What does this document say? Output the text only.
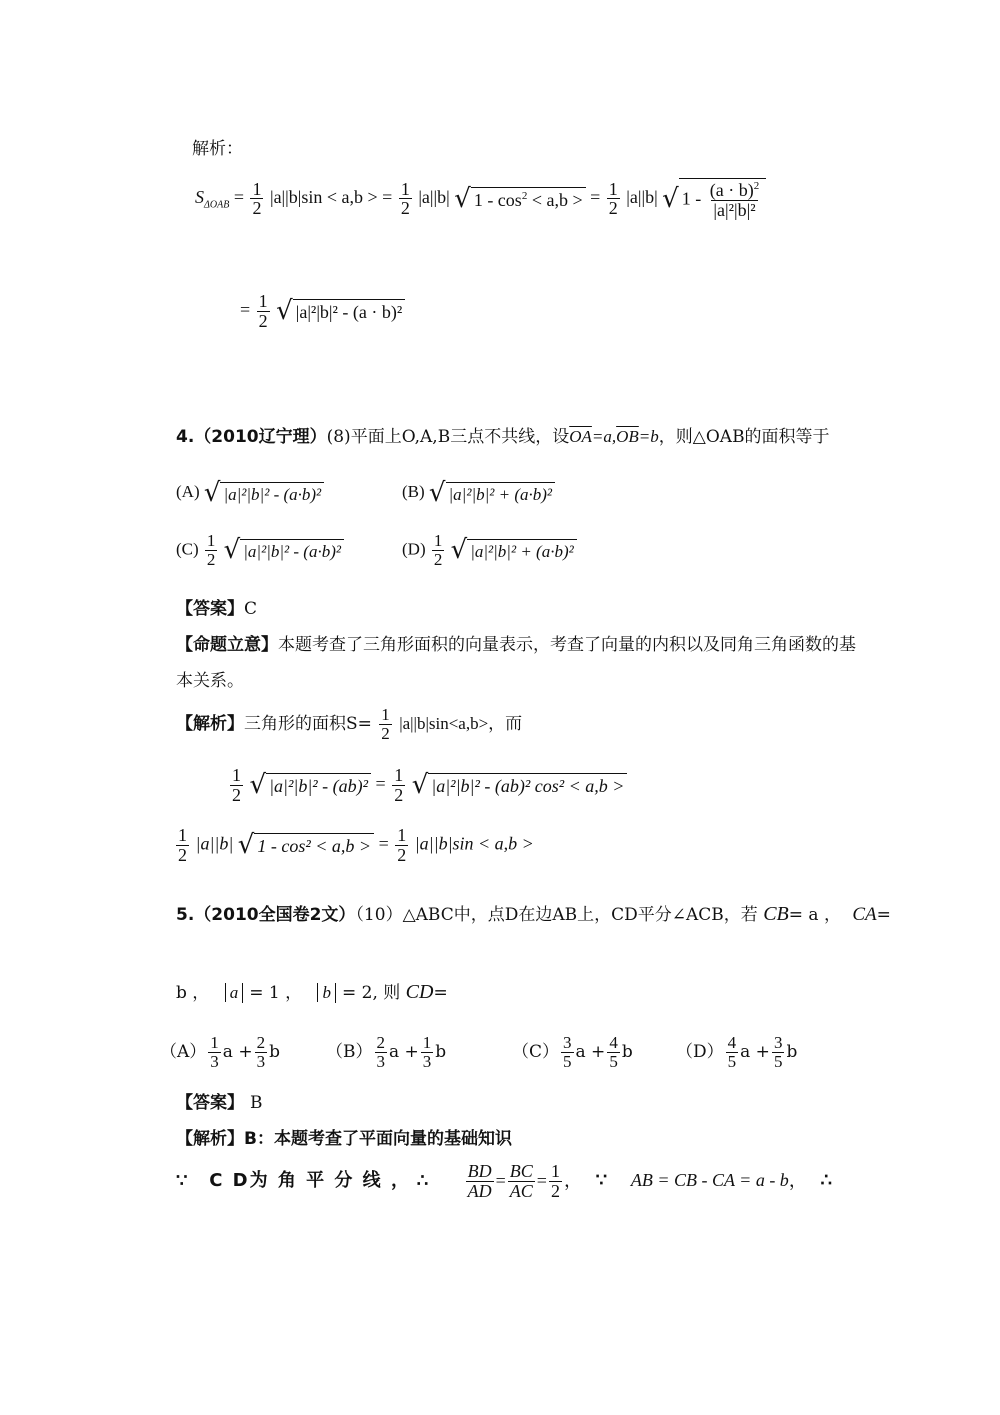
解析：
$S_{\Delta OAB} = \frac{1}{2} |a||b|\sin < a,b$ > = $\frac{1}{2} |a||b|$ √ $1 - \cos^2 < a,b$ > = $\frac{1}{2} |a||b|$ √ $1 - \frac{(a \cdot b)^2}{\text{|a|²|b|²}}$
= $\frac{1}{2}$ √ |a|²|b|² - (a · b)²
4.（2010辽宁理）(8)平面上O,A,B三点不共线，设$\overline{OA}=a,\overline{OB}=b$，则△OAB的面积等于
(A) √ |a|²|b|² - (a·b)²	(B) √ |a|²|b|² + (a·b)²
$(C) \frac{1}{2}$ √ |a|²|b|² - (a·b)²	$(D) \frac{1}{2}$ √ |a|²|b|² + (a·b)²
【答案】C
【命题立意】本题考查了三角形面积的向量表示，考查了向量的内积以及同角三角函数的基
本关系。
【解析】三角形的面积$S= \frac{1}{2} |a||b|\sin<a,b>$，而
$\frac{1}{2}$ √ $|a|^2|b|^2 - (ab)^2 = \frac{1}{2}$ √ |a|²|b|² - (ab)² cos² < a,b >
$\frac{1}{2} |a||b|$ √ 1 - cos² < a,b > = $\frac{1}{2} |a||b|\sin < a,b$ >
5.（2010全国卷2文）（10）△ABC中，点D在边AB上，CD平分∠ACB，若 CB= a ， CA=
b ， a = 1 ， b = 2, 则 CD=
$(A) \frac{1}{3}$ $a + \frac{2}{3}$ b	$(B) \frac{2}{3}$ $a + \frac{1}{3}$ b	$(C) \frac{3}{5}$ $a + \frac{4}{5}$ b	$(D) \frac{4}{5}$ $a + \frac{3}{5}$ b
【答案】 B
【解析】B：本题考查了平面向量的基础知识
∵ C D为 角 平 分 线 ， ∴ $\frac{BD}{AD} = \frac{BC}{AC} = \frac{1}{2}$ ， ∵ AB = CB - CA = a - b， ∴
